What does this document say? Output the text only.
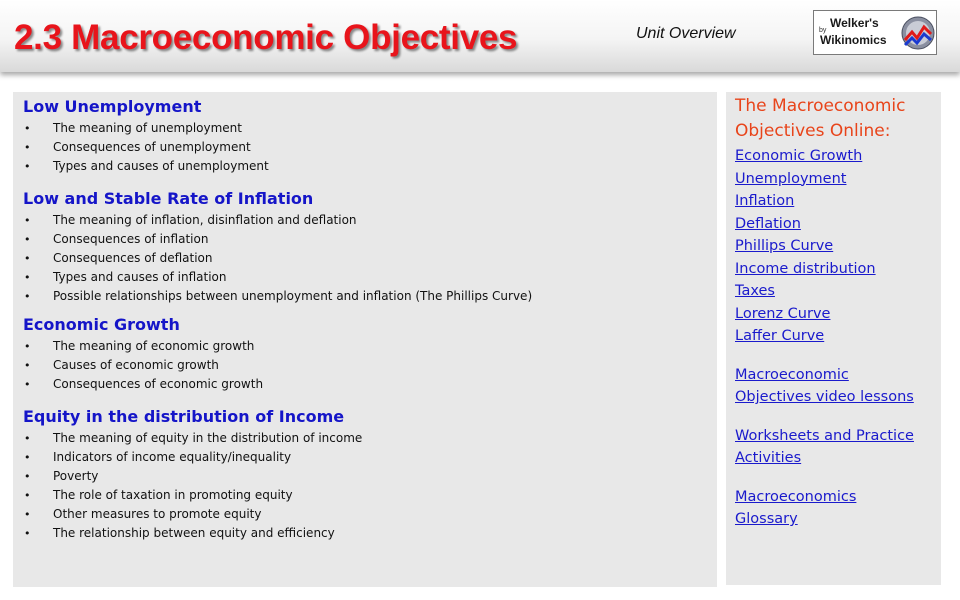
2.3 Macroeconomic Objectives	Unit Overview	by
Welker's
Wikinomics

Low Unemployment

• The meaning of unemployment
• Consequences of unemployment
• Types and causes of unemployment

Low and Stable Rate of Inflation

• The meaning of inflation, disinflation and deflation
• Consequences of inflation
• Consequences of deflation
• Types and causes of inflation
• Possible relationships between unemployment and inflation (The Phillips Curve)

Economic Growth

• The meaning of economic growth
• Causes of economic growth
• Consequences of economic growth

Equity in the distribution of Income

• The meaning of equity in the distribution of income
• Indicators of income equality/inequality
• Poverty
• The role of taxation in promoting equity
• Other measures to promote equity
• The relationship between equity and efficiency

The Macroeconomic Objectives Online:

Economic Growth
Unemployment
Inflation
Deflation
Phillips Curve
Income distribution
Taxes
Lorenz Curve
Laffer Curve
Macroeconomic
Objectives video lessons
Worksheets and Practice
Activities
Macroeconomics
Glossary
